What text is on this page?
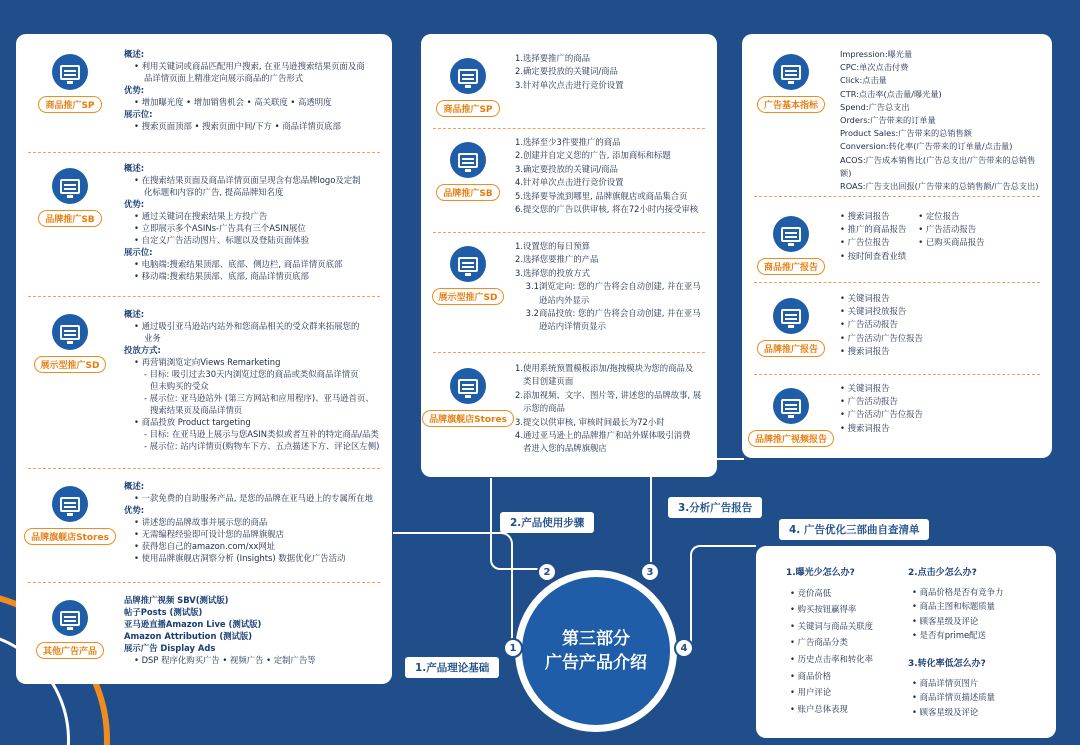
商品推广SP
概述:
• 利用关键词或商品匹配用户搜索, 在亚马逊搜索结果页面及商
品详情页面上精准定向展示商品的广告形式
优势:
• 增加曝光度 • 增加销售机会 • 高关联度 • 高透明度
展示位:
• 搜索页面顶部 • 搜索页面中间/下方 • 商品详情页底部
品牌推广SB
概述:
• 在搜索结果页面及商品详情页面呈现含有您品牌logo及定制
化标题和内容的广告, 提高品牌知名度
优势:
• 通过关键词在搜索结果上方投广告
• 立即展示多个ASINs-广告具有三个ASIN展位
• 自定义广告活动图片、标题以及登陆页面体验
展示位:
• 电脑端:搜索结果顶部、底部、侧边栏, 商品详情页底部
• 移动端:搜索结果顶部、底部, 商品详情页底部
展示型推广SD
概述:
• 通过吸引亚马逊站内站外和您商品相关的受众群来拓展您的
业务
投放方式:
• 再营销浏览定向Views Remarketing
- 目标: 吸引过去30天内浏览过您的商品或类似商品详情页
但未购买的受众
- 展示位: 亚马逊站外 (第三方网站和应用程序)、亚马逊首页、
搜索结果页及商品详情页
• 商品投放 Product targeting
- 目标: 在亚马逊上展示与您ASIN类似或者互补的特定商品/品类
- 展示位: 站内详情页(购物车下方、五点描述下方、评论区左侧)
品牌旗舰店Stores
概述:
• 一款免费的自助服务产品, 是您的品牌在亚马逊上的专属所在地
优势:
• 讲述您的品牌故事并展示您的商品
• 无需编程经验即可设计您的品牌旗舰店
• 获得您自己的amazon.com/xx网址
• 使用品牌旗舰店洞察分析 (Insights) 数据优化广告活动
其他广告产品
品牌推广视频 SBV(测试版)
帖子Posts (测试版)
亚马逊直播Amazon Live (测试版)
Amazon Attribution (测试版)
展示广告 Display Ads
• DSP 程序化购买广告 • 视频广告 • 定制广告等
商品推广SP
1.选择要推广的商品
2.确定要投放的关键词/商品
3.针对单次点击进行竞价设置
品牌推广SB
1.选择至少3件要推广的商品
2.创建并自定义您的广告, 添加商标和标题
3.确定要投放的关键词/商品
4.针对单次点击进行竞价设置
5.选择要导流到哪里, 品牌旗舰店或商品集合页
6.提交您的广告以供审核, 将在72小时内接受审核
展示型推广SD
1.设置您的每日预算
2.选择您要推广的产品
3.选择您的投放方式
3.1浏览定向: 您的广告将会自动创建, 并在亚马
逊站内外显示
3.2商品投放: 您的广告将会自动创建, 并在亚马
逊站内详情页显示
品牌旗舰店Stores
1.使用系统预置模板添加/拖拽模块为您的商品及
类目创建页面
2.添加视频、文字、图片等, 讲述您的品牌故事, 展
示您的商品
3.提交以供审核, 审核时间最长为72小时
4.通过亚马逊上的品牌推广和站外媒体吸引消费
者进入您的品牌旗舰店
广告基本指标
Impression:曝光量
CPC:单次点击付费
Click:点击量
CTR:点击率(点击量/曝光量)
Spend:广告总支出
Orders:广告带来的订单量
Product Sales:广告带来的总销售额
Conversion:转化率(广告带来的订单量/点击量)
ACOS:广告成本销售比(广告总支出/广告带来的总销售额)
ROAS:广告支出回报(广告带来的总销售额/广告总支出)
商品推广报告
• 搜索词报告
• 推广的商品报告
• 广告位报告
• 按时间查看业绩
• 定位报告
• 广告活动报告
• 已购买商品报告
品牌推广报告
• 关键词报告
• 关键词投放报告
• 广告活动报告
• 广告活动广告位报告
• 搜索词报告
品牌推广视频报告
• 关键词报告
• 广告活动报告
• 广告活动广告位报告
• 搜索词报告
1.曝光少怎么办?
• 竞价高低
• 购买按钮赢得率
• 关键词与商品关联度
• 广告商品分类
• 历史点击率和转化率
• 商品价格
• 用户评论
• 账户总体表现
2.点击少怎么办?
• 商品价格是否有竞争力
• 商品主图和标题质量
• 顾客星级及评论
• 是否有prime配送
3.转化率低怎么办?
• 商品详情页图片
• 商品详情页描述质量
• 顾客星级及评论
1.产品理论基础
2.产品使用步骤
3.分析广告报告
4. 广告优化三部曲自查清单
第三部分
广告产品介绍
1
2	3
4
